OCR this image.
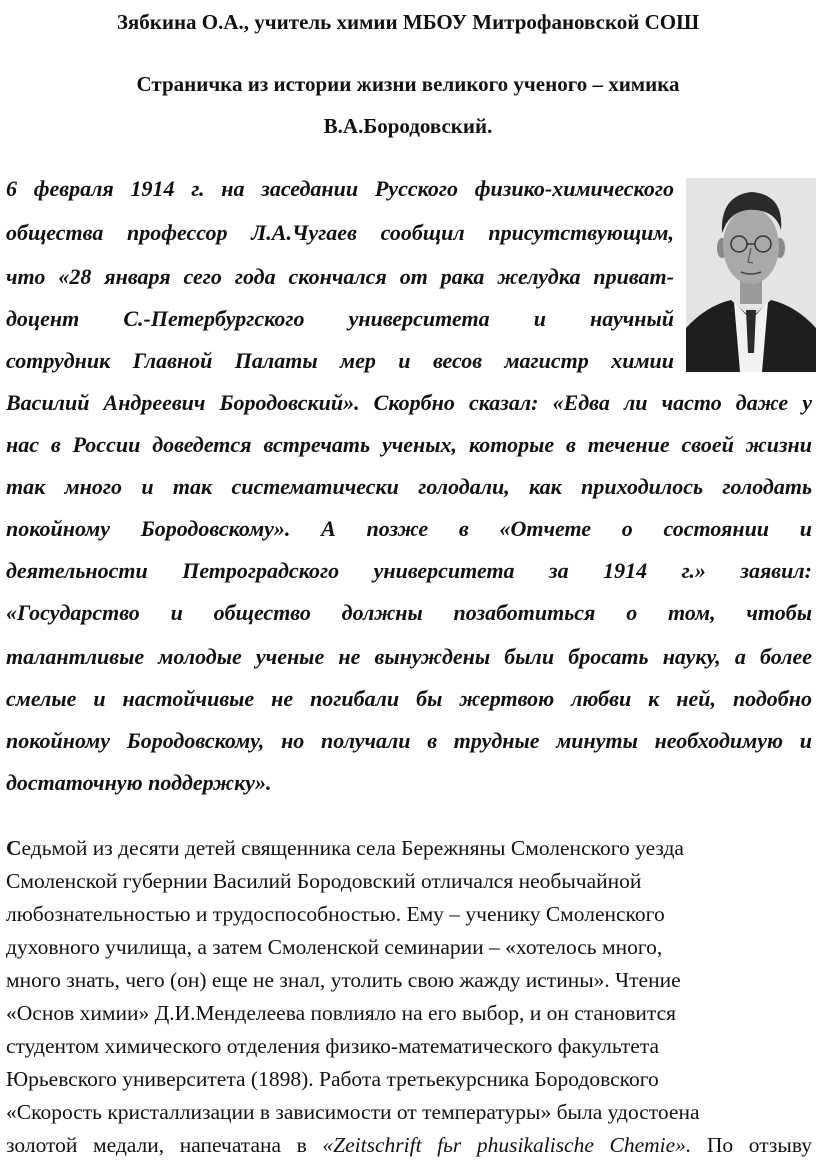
Зябкина О.А., учитель химии МБОУ Митрофановской СОШ
Страничка из истории жизни великого ученого – химика
В.А.Бородовский.
6 февраля 1914 г. на заседании Русского физико-химического
общества профессор Л.А.Чугаев сообщил присутствующим,
что «28 января сего года скончался от рака желудка приват-
доцент С.-Петербургского университета и научный
сотрудник Главной Палаты мер и весов магистр химии
Василий Андреевич Бородовский». Скорбно сказал: «Едва ли часто даже у
нас в России доведется встречать ученых, которые в течение своей жизни
так много и так систематически голодали, как приходилось голодать
покойному Бородовскому». А позже в «Отчете о состоянии и
деятельности Петроградского университета за 1914 г.» заявил:
«Государство и общество должны позаботиться о том, чтобы
талантливые молодые ученые не вынуждены были бросать науку, а более
смелые и настойчивые не погибали бы жертвою любви к ней, подобно
покойному Бородовскому, но получали в трудные минуты необходимую и
достаточную поддержку».
Седьмой из десяти детей священника села Бережняны Смоленского уезда
Смоленской губернии Василий Бородовский отличался необычайной
любознательностью и трудоспособностью. Ему – ученику Смоленского
духовного училища, а затем Смоленской семинарии – «хотелось много,
много знать, чего (он) еще не знал, утолить свою жажду истины». Чтение
«Основ химии» Д.И.Менделеева повлияло на его выбор, и он становится
студентом химического отделения физико-математического факультета
Юрьевского университета (1898). Работа третьекурсника Бородовского
«Скорость кристаллизации в зависимости от температуры» была удостоена
золотой медали, напечатана в «Zeitschrift fьr phusikalische Chemie». По отзыву
